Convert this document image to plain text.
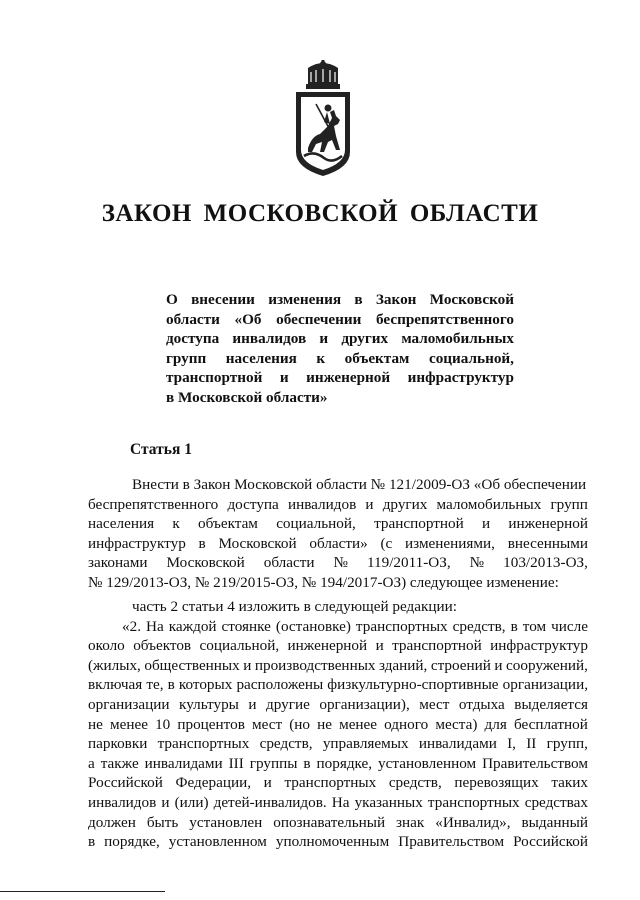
ЗАКОН МОСКОВСКОЙ ОБЛАСТИ
О внесении изменения в Закон Московской
области «Об обеспечении беспрепятственного
доступа инвалидов и других маломобильных
групп населения к объектам социальной,
транспортной и инженерной инфраструктур
в Московской области»
Статья 1
Внести в Закон Московской области № 121/2009-ОЗ «Об обеспечении
беспрепятственного доступа инвалидов и других маломобильных групп
населения к объектам социальной, транспортной и инженерной
инфраструктур в Московской области» (с изменениями, внесенными
законами Московской области № 119/2011-ОЗ, № 103/2013-ОЗ,
№ 129/2013-ОЗ, № 219/2015-ОЗ, № 194/2017-ОЗ) следующее изменение:
часть 2 статьи 4 изложить в следующей редакции:
«2. На каждой стоянке (остановке) транспортных средств, в том числе
около объектов социальной, инженерной и транспортной инфраструктур
(жилых, общественных и производственных зданий, строений и сооружений,
включая те, в которых расположены физкультурно-спортивные организации,
организации культуры и другие организации), мест отдыха выделяется
не менее 10 процентов мест (но не менее одного места) для бесплатной
парковки транспортных средств, управляемых инвалидами I, II групп,
а также инвалидами III группы в порядке, установленном Правительством
Российской Федерации, и транспортных средств, перевозящих таких
инвалидов и (или) детей-инвалидов. На указанных транспортных средствах
должен быть установлен опознавательный знак «Инвалид», выданный
в порядке, установленном уполномоченным Правительством Российской
